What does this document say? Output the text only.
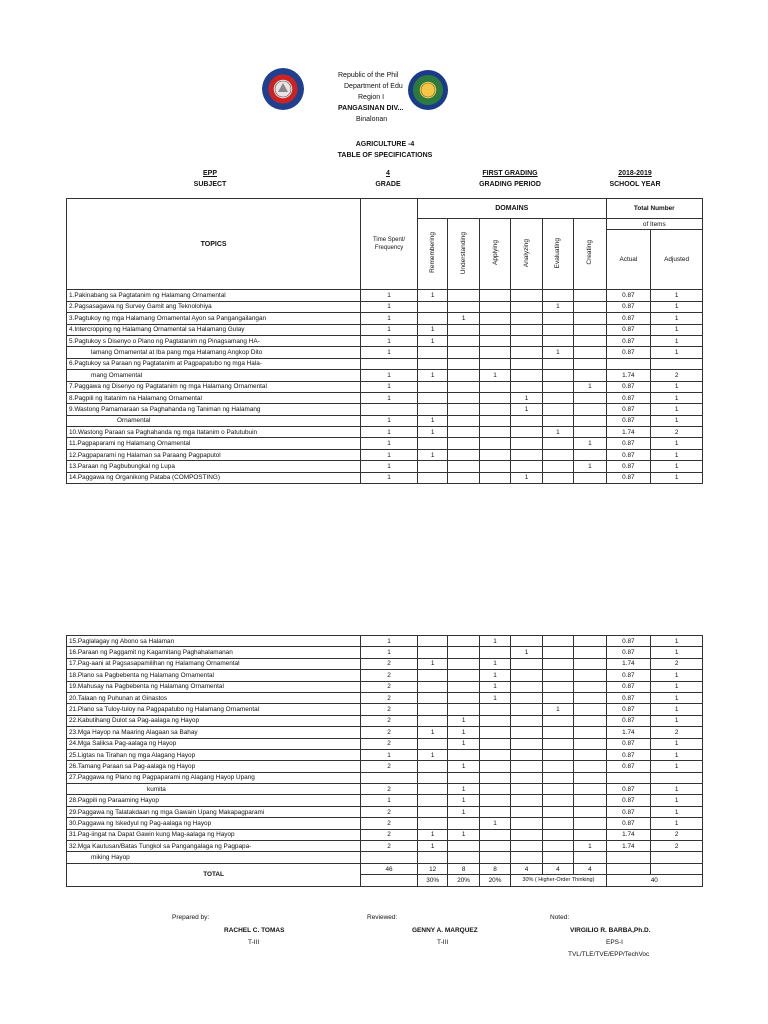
Republic of the Phil
Department of Edu
Region I
PANGASINAN DIV...
Binalonan
AGRICULTURE -4
TABLE OF SPECIFICATIONS
EPP
SUBJECT
4
GRADE
FIRST GRADING
GRADING PERIOD
2018-2019
SCHOOL YEAR
TOPICS	Time Spent/
Frequency	DOMAINS						Total Number	
		Remembering	Understanding	Applying	Analyzing	Evaluating	Creating	of Items	
								Actual	Adjusted
1.Pakinabang sa Pagtatanim ng Halamang Ornamental	1	1						0.87	1
2.Pagsasagawa ng Survey Gamit ang Teknolohiya	1					1		0.87	1
3.Pagtukoy ng mga Halamang Ornamental Ayon sa Pangangailangan	1		1					0.87	1
4.Intercropping ng Halamang Ornamental sa Halamang Gulay	1	1						0.87	1
5.Pagtukoy s Disenyo o Plano ng Pagtatanim ng Pinagsamang HA-	1	1						0.87	1
lamang Ornamental at Iba pang mga Halamang Angkop Dito	1					1		0.87	1
6.Pagtukoy sa Paraan ng Pagtatanim at Pagpapatubo ng mga Hala-									
mang Ornamental	1	1		1				1.74	2
7.Paggawa ng Disenyo ng Pagtatanim ng mga Halamang Ornamental	1						1	0.87	1
8.Pagpili ng Itatanim na Halamang Ornamental	1				1			0.87	1
9.Wastong Pamamaraan sa Paghahanda ng Taniman ng Halamang					1			0.87	1
Ornamental	1	1						0.87	1
10.Wastong Paraan sa Paghahanda ng mga Itatanim o Patutubuin	1	1				1		1.74	2
11.Pagpaparami ng Halamang Ornamental	1						1	0.87	1
12.Pagpaparami ng Halaman sa Paraang Pagpaputol	1	1						0.87	1
13.Paraan ng Pagbubungkal ng Lupa	1						1	0.87	1
14.Paggawa ng Organikong Pataba (COMPOSTING)	1				1			0.87	1
15.Paglalagay ng Abono sa Halaman	1			1				0.87	1
16.Paraan ng Paggamit ng Kagamitang Paghahalamanan	1				1			0.87	1
17.Pag-aani at Pagsasapamilihan ng Halamang Ornamental	2	1		1				1.74	2
18.Plano sa Pagbebenta ng Halamang Ornamental	2			1				0.87	1
19.Mahusay na Pagbebenta ng Halamang Ornamental	2			1				0.87	1
20.Talaan ng Puhunan at Ginastos	2			1				0.87	1
21.Plano sa Tuloy-tuloy na Pagpapatubo ng Halamang Ornamental	2					1		0.87	1
22.Kabutihang Dulot sa Pag-aalaga ng Hayop	2		1					0.87	1
23.Mga Hayop na Maaring Alagaan sa Bahay	2	1	1					1.74	2
24.Mga Saliksa Pag-aalaga ng Hayop	2		1					0.87	1
25.Ligtas na Tirahan ng mga Alagang Hayop	1	1						0.87	1
26.Tamang Paraan sa Pag-aalaga ng Hayop	2		1					0.87	1
27.Paggawa ng Plano ng Pagpaparami ng Alagang Hayop Upang									
kumita	2		1					0.87	1
28.Pagpili ng Paraaming Hayop	1		1					0.87	1
29.Paggawa ng Talatakdaan ng mga Gawain Upang Makapagparami	2		1					0.87	1
30.Paggawa ng Iskedyul ng Pag-aalaga ng Hayop	2			1				0.87	1
31.Pag-iingat na Dapat Gawin kung Mag-aalaga ng Hayop	2	1	1					1.74	2
32.Mga Kautusan/Batas Tungkol sa Pangangalaga ng Pagpapa-	2	1					1	1.74	2
miking Hayop									
TOTAL	46	12	8	8	4	4	4		
		30%	20%	20%	30% ( Higher-Order Thinking)			40	
Prepared by:
RACHEL C. TOMAS
T-III
Reviewed:
GENNY A. MARQUEZ
T-III
Noted:
VIRGILIO R. BARBA,Ph.D.
EPS-I
TVL/TLE/TVE/EPP/TechVoc
